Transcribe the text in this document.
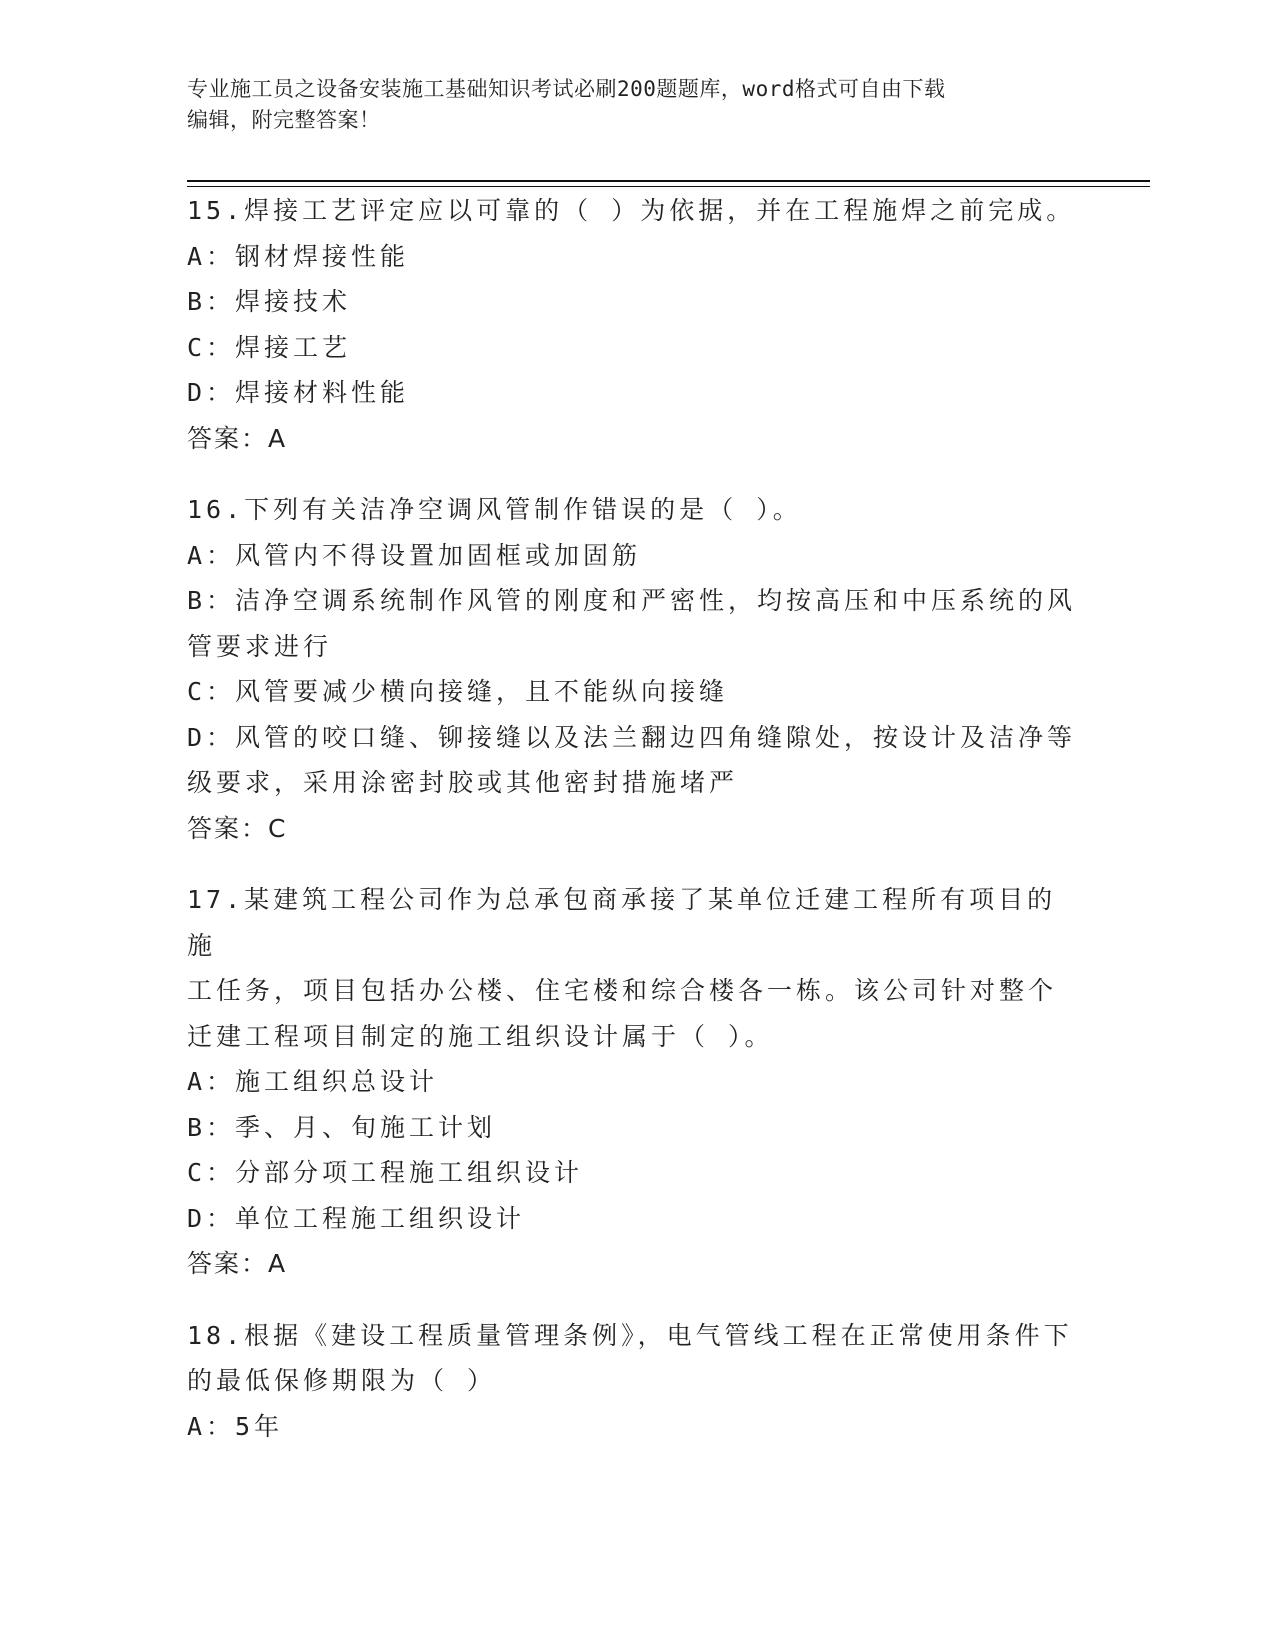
专业施工员之设备安装施工基础知识考试必刷200题题库，word格式可自由下载
编辑，附完整答案！
15.焊接工艺评定应以可靠的（ ）为依据，并在工程施焊之前完成。
A：钢材焊接性能
B：焊接技术
C：焊接工艺
D：焊接材料性能
答案：A
16.下列有关洁净空调风管制作错误的是（ ）。
A：风管内不得设置加固框或加固筋
B：洁净空调系统制作风管的刚度和严密性，均按高压和中压系统的风
管要求进行
C：风管要减少横向接缝，且不能纵向接缝
D：风管的咬口缝、铆接缝以及法兰翻边四角缝隙处，按设计及洁净等
级要求，采用涂密封胶或其他密封措施堵严
答案：C
17.某建筑工程公司作为总承包商承接了某单位迁建工程所有项目的施
工任务，项目包括办公楼、住宅楼和综合楼各一栋。该公司针对整个
迁建工程项目制定的施工组织设计属于（ ）。
A：施工组织总设计
B：季、月、旬施工计划
C：分部分项工程施工组织设计
D：单位工程施工组织设计
答案：A
18.根据《建设工程质量管理条例》，电气管线工程在正常使用条件下
的最低保修期限为（ ）
A：5年
